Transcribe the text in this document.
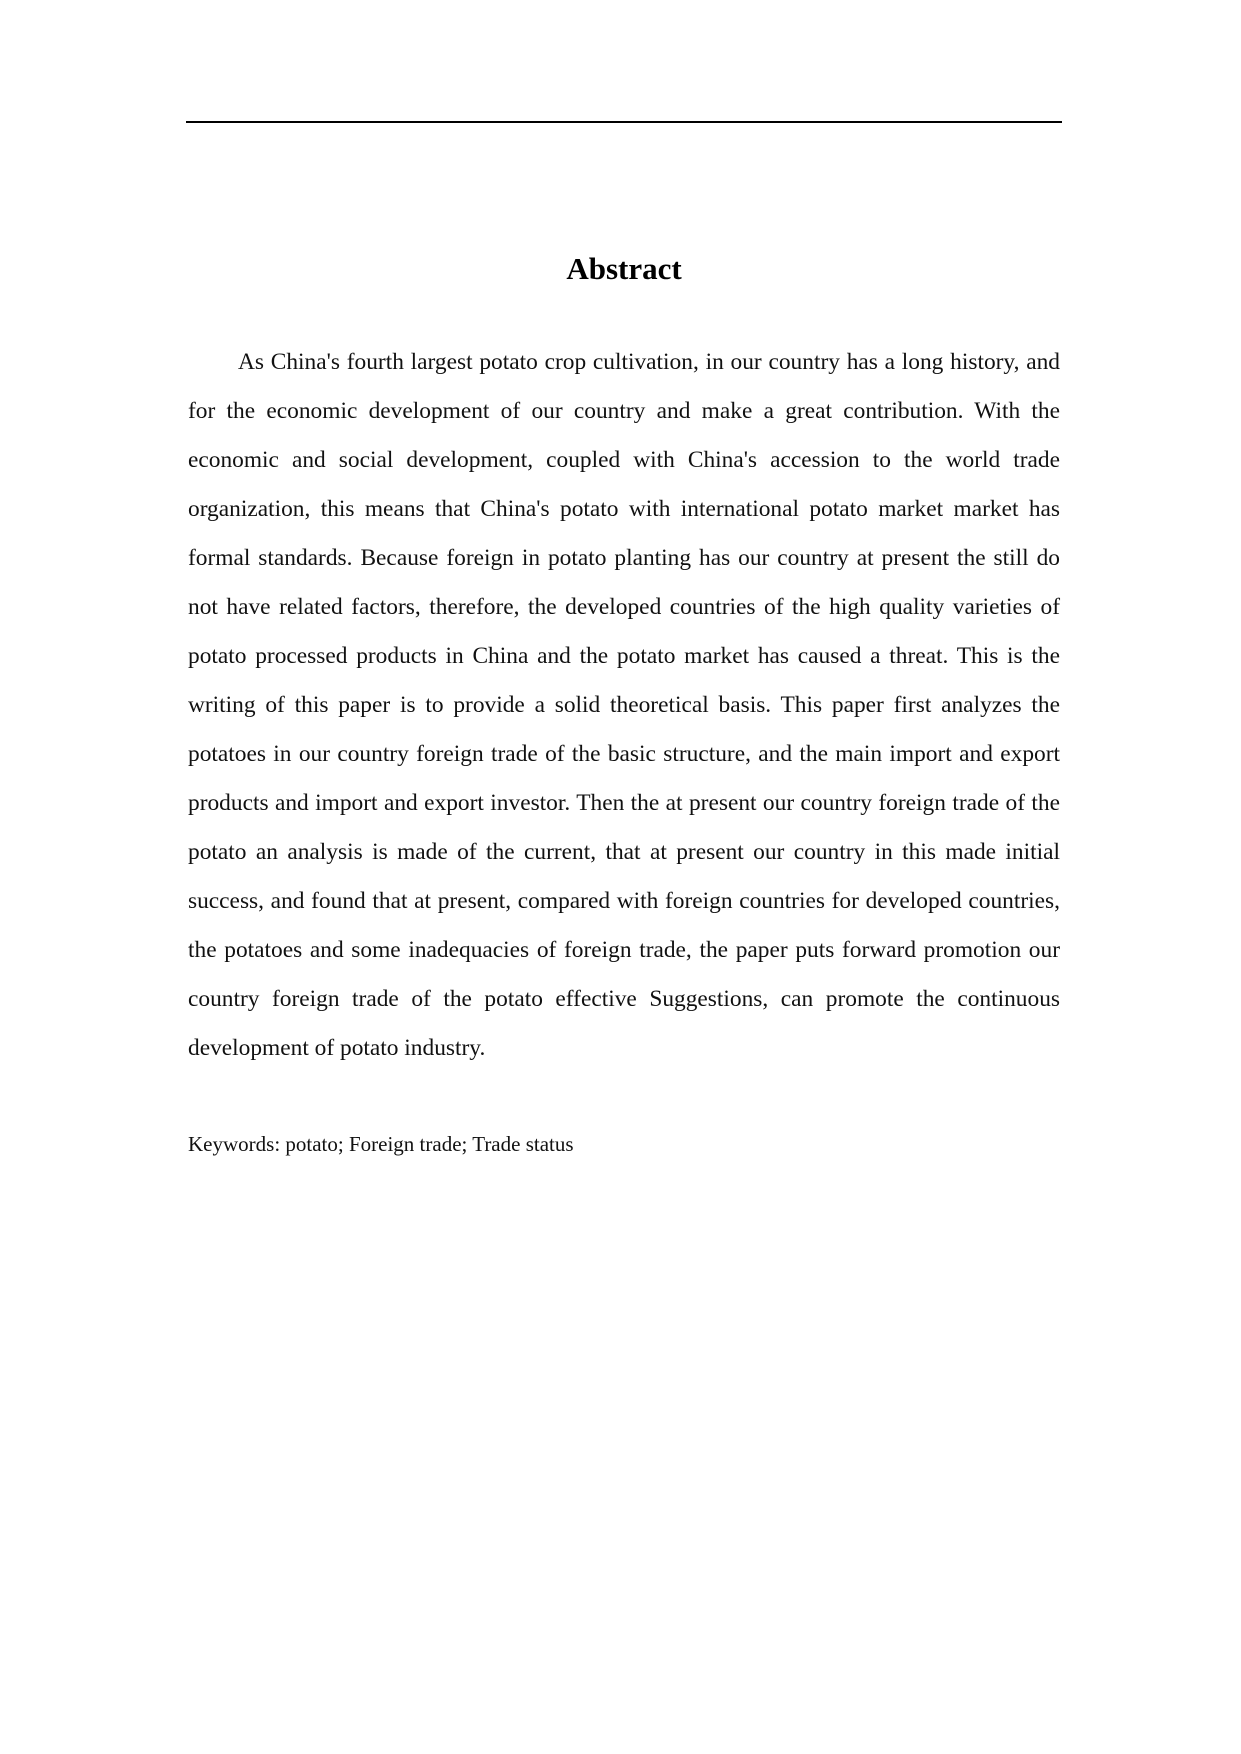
Abstract

As China's fourth largest potato crop cultivation, in our country has a long history, and for the economic development of our country and make a great contribution. With the economic and social development, coupled with China's accession to the world trade organization, this means that China's potato with international potato market market has formal standards. Because foreign in potato planting has our country at present the still do not have related factors, therefore, the developed countries of the high quality varieties of potato processed products in China and the potato market has caused a threat. This is the writing of this paper is to provide a solid theoretical basis. This paper first analyzes the potatoes in our country foreign trade of the basic structure, and the main import and export products and import and export investor. Then the at present our country foreign trade of the potato an analysis is made of the current, that at present our country in this made initial success, and found that at present, compared with foreign countries for developed countries, the potatoes and some inadequacies of foreign trade, the paper puts forward promotion our country foreign trade of the potato effective Suggestions, can promote the continuous development of potato industry.

Keywords: potato; Foreign trade; Trade status
